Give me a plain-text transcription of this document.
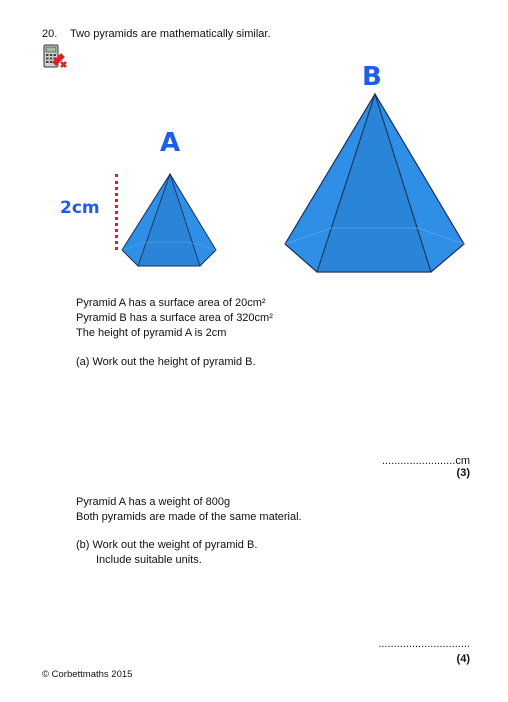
20. Two pyramids are mathematically similar.
A
B
2cm
Pyramid A has a surface area of 20cm²
Pyramid B has a surface area of 320cm²
The height of pyramid A is 2cm
(a) Work out the height of pyramid B.
........................cm
(3)
Pyramid A has a weight of 800g
Both pyramids are made of the same material.
(b) Work out the weight of pyramid B.
Include suitable units.
..............................
(4)
© Corbettmaths 2015
